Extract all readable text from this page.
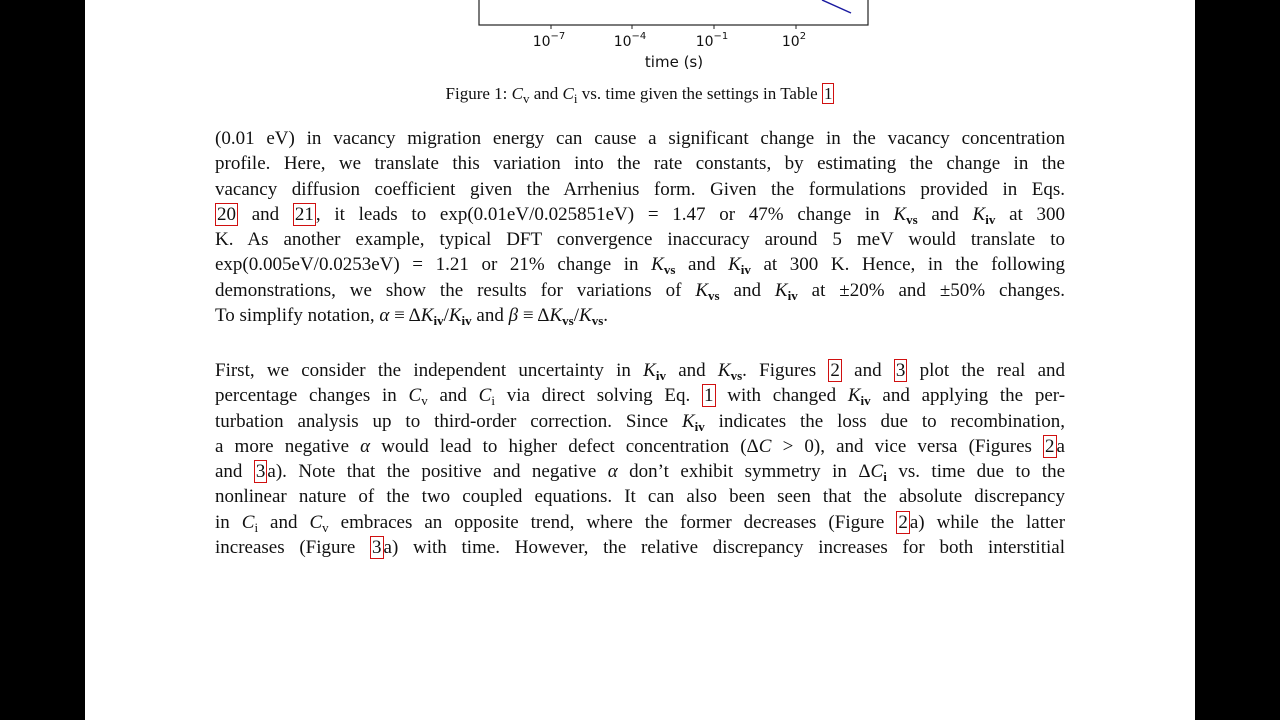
$10^{-7}$	$10^{-4}$	$10^{-1}$	$10^2$
time (s)
Figure 1: $C_v$ and $C_i$ vs. time given the settings in Table 1
(0.01 eV) in vacancy migration energy can cause a significant change in the vacancy concentration
profile. Here, we translate this variation into the rate constants, by estimating the change in the
vacancy diffusion coefficient given the Arrhenius form. Given the formulations provided in Eqs.
20 and 21 , it leads to exp(0.01eV/0.025851eV) = 1.47 or 47% change in $K_{vs}$ and $K_{iv}$ at 300
K. As another example, typical DFT convergence inaccuracy around 5 meV would translate to
exp(0.005eV/0.0253eV) = 1.21 or 21% change in $K_{vs}$ and $K_{iv}$ at 300 K. Hence, in the following
demonstrations, we show the results for variations of $K_{vs}$ and $K_{iv}$ at ±20% and ±50% changes.
To simplify notation, $\alpha \equiv \Delta K_{iv}/K_{iv}$ and $\beta \equiv \Delta K_{vs}/K_{vs}$.
First, we consider the independent uncertainty in $K_{iv}$ and $K_{vs}$. Figures 2 and 3 plot the real and
percentage changes in $C_v$ and $C_i$ via direct solving Eq. 1 with changed $K_{iv}$ and applying the per-
turbation analysis up to third-order correction. Since $K_{iv}$ indicates the loss due to recombination,
a more negative α would lead to higher defect concentration (ΔC > 0), and vice versa (Figures 2 a
and 3 a). Note that the positive and negative α don’t exhibit symmetry in $\Delta C_i$ vs. time due to the
nonlinear nature of the two coupled equations. It can also been seen that the absolute discrepancy
in $C_i$ and $C_v$ embraces an opposite trend, where the former decreases (Figure 2 a) while the latter
increases (Figure 3 a) with time. However, the relative discrepancy increases for both interstitial
